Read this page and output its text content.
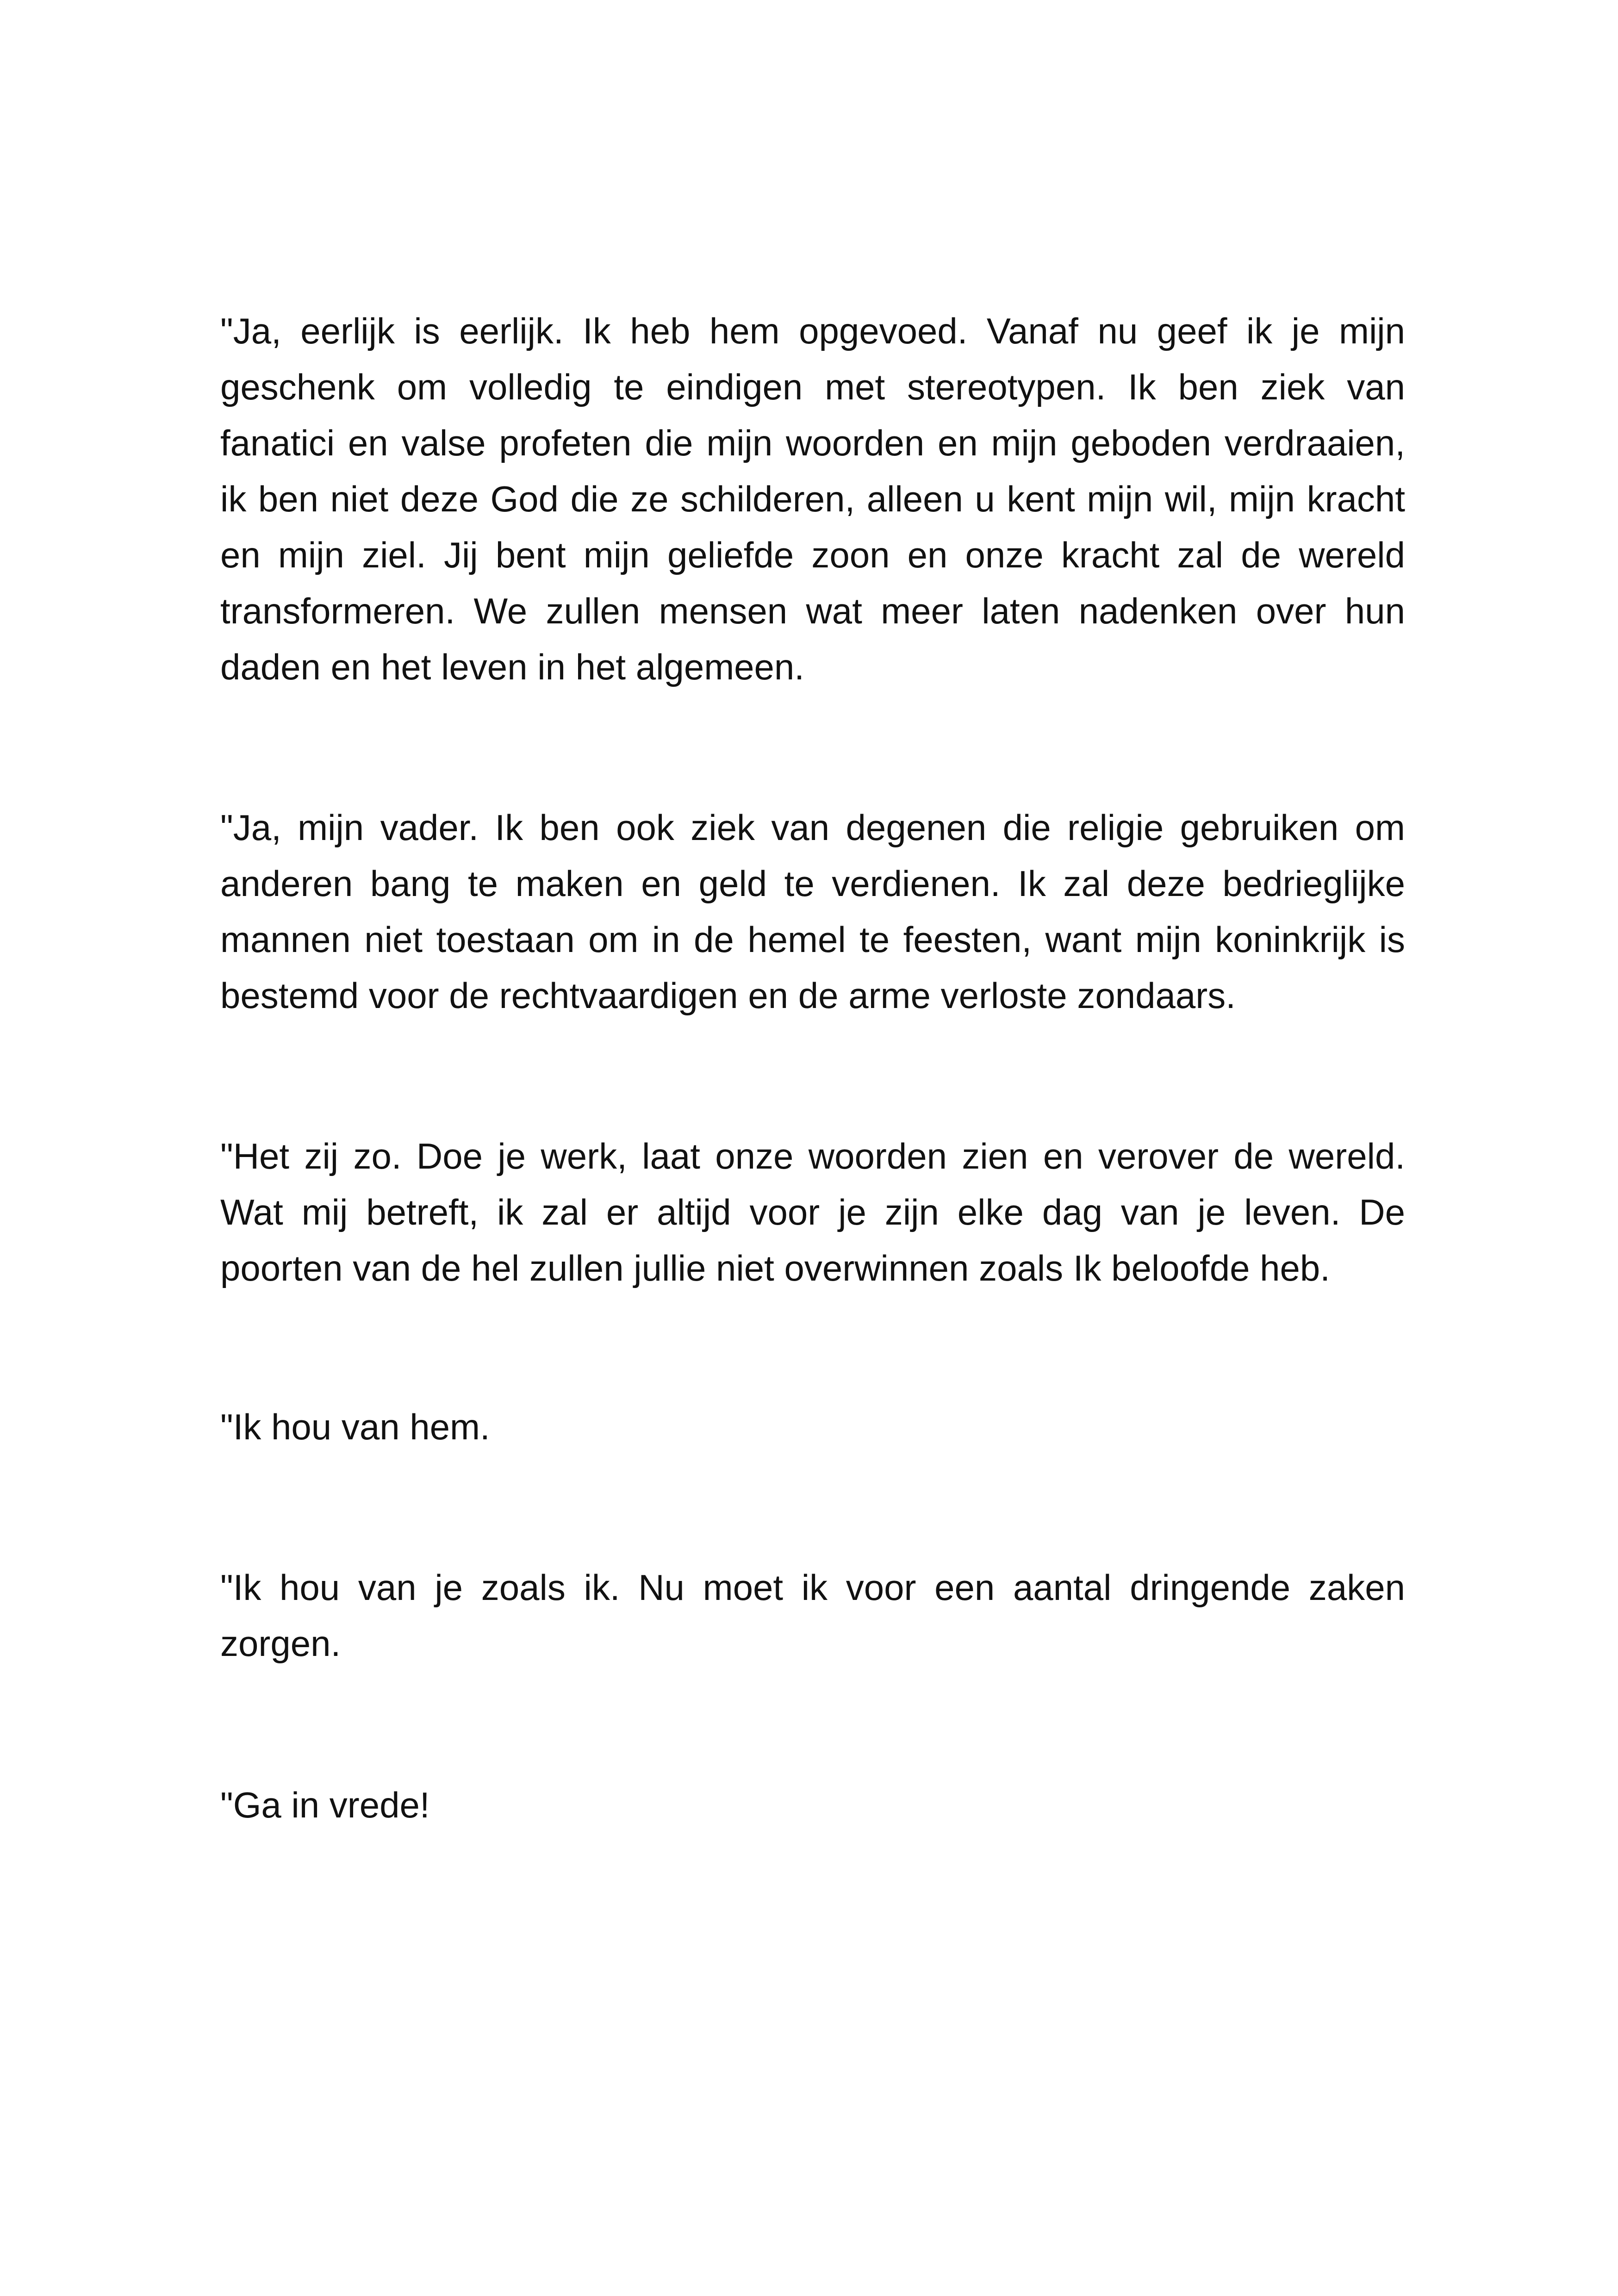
"Ja, eerlijk is eerlijk. Ik heb hem opgevoed. Vanaf nu geef ik je mijn geschenk om volledig te eindigen met stereotypen. Ik ben ziek van fanatici en valse profeten die mijn woorden en mijn geboden verdraaien, ik ben niet deze God die ze schilderen, alleen u kent mijn wil, mijn kracht en mijn ziel. Jij bent mijn geliefde zoon en onze kracht zal de wereld transformeren. We zullen mensen wat meer laten nadenken over hun daden en het leven in het algemeen.

"Ja, mijn vader. Ik ben ook ziek van degenen die religie gebruiken om anderen bang te maken en geld te verdienen. Ik zal deze bedrieglijke mannen niet toestaan om in de hemel te feesten, want mijn koninkrijk is bestemd voor de rechtvaardigen en de arme verloste zondaars.

"Het zij zo. Doe je werk, laat onze woorden zien en verover de wereld. Wat mij betreft, ik zal er altijd voor je zijn elke dag van je leven. De poorten van de hel zullen jullie niet overwinnen zoals Ik beloofde heb.

"Ik hou van hem.

"Ik hou van je zoals ik. Nu moet ik voor een aantal dringende zaken zorgen.

"Ga in vrede!
